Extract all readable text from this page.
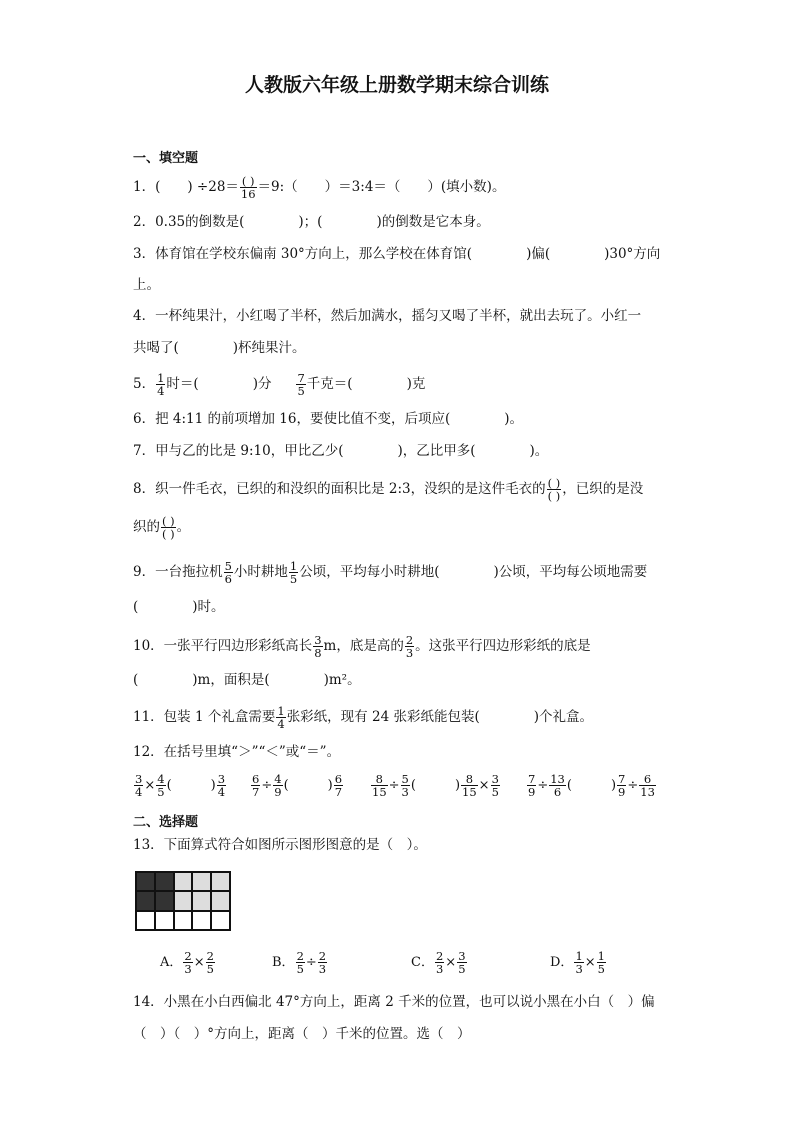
人教版六年级上册数学期末综合训练
一、填空题
1．(　　) $\div 28= \frac{( )}{16}$ ＝9:（　　）＝3:4＝（　　）(填小数)。
2．0.35的倒数是(　　　　)；(　　　　)的倒数是它本身。
3．体育馆在学校东偏南 30°方向上，那么学校在体育馆(　　　　)偏(　　　　)30°方向
上。
4．一杯纯果汁，小红喝了半杯，然后加满水，摇匀又喝了半杯，就出去玩了。小红一
共喝了(　　　　)杯纯果汁。
5． $\frac{1}{4}$ 时＝(　　　　)分 $\frac{7}{5}$ 千克＝(　　　　)克
6．把 4:11 的前项增加 16，要使比值不变，后项应(　　　　)。
7．甲与乙的比是 9:10，甲比乙少(　　　　)，乙比甲多(　　　　)。
8．织一件毛衣，已织的和没织的面积比是 2:3，没织的是这件毛衣的 $\frac{( )}{( )}$ ，已织的是没
织的 $\frac{( )}{( )}$ 。
9．一台拖拉机 $\frac{5}{6}$ 小时耕地 $\frac{1}{5}$ 公顷，平均每小时耕地(　　　　)公顷，平均每公顷地需要
(　　　　)时。
10．一张平行四边形彩纸高长 $\frac{3}{8}$ m，底是高的 $\frac{2}{3}$ 。这张平行四边形彩纸的底是
(　　　　)m，面积是(　　　　)m²。
11．包装 1 个礼盒需要 $\frac{1}{4}$ 张彩纸，现有 24 张彩纸能包装(　　　　)个礼盒。
12．在括号里填“＞”“＜”或“＝”。
$\frac{3}{4} \times \frac{4}{5}$ (　　　) $\frac{3}{4} \frac{6}{7} \div \frac{4}{9}$ (　　　) $\frac{6}{7} \frac{8}{15} \div \frac{5}{3}$ (　　　) $\frac{8}{15} \times \frac{3}{5} \frac{7}{9} \div \frac{13}{6}$ (　　　) $\frac{7}{9} \div \frac{6}{13}$
二、选择题
13．下面算式符合如图所示图形图意的是（　）。
A． $\frac{2}{3} \times \frac{2}{5}$	B． $\frac{2}{5} \div \frac{2}{3}$	C． $\frac{2}{3} \times \frac{3}{5}$	D． $\frac{1}{3} \times \frac{1}{5}$
14．小黑在小白西偏北 47°方向上，距离 2 千米的位置，也可以说小黑在小白（　）偏
（　）（　）°方向上，距离（　）千米的位置。选（　）
